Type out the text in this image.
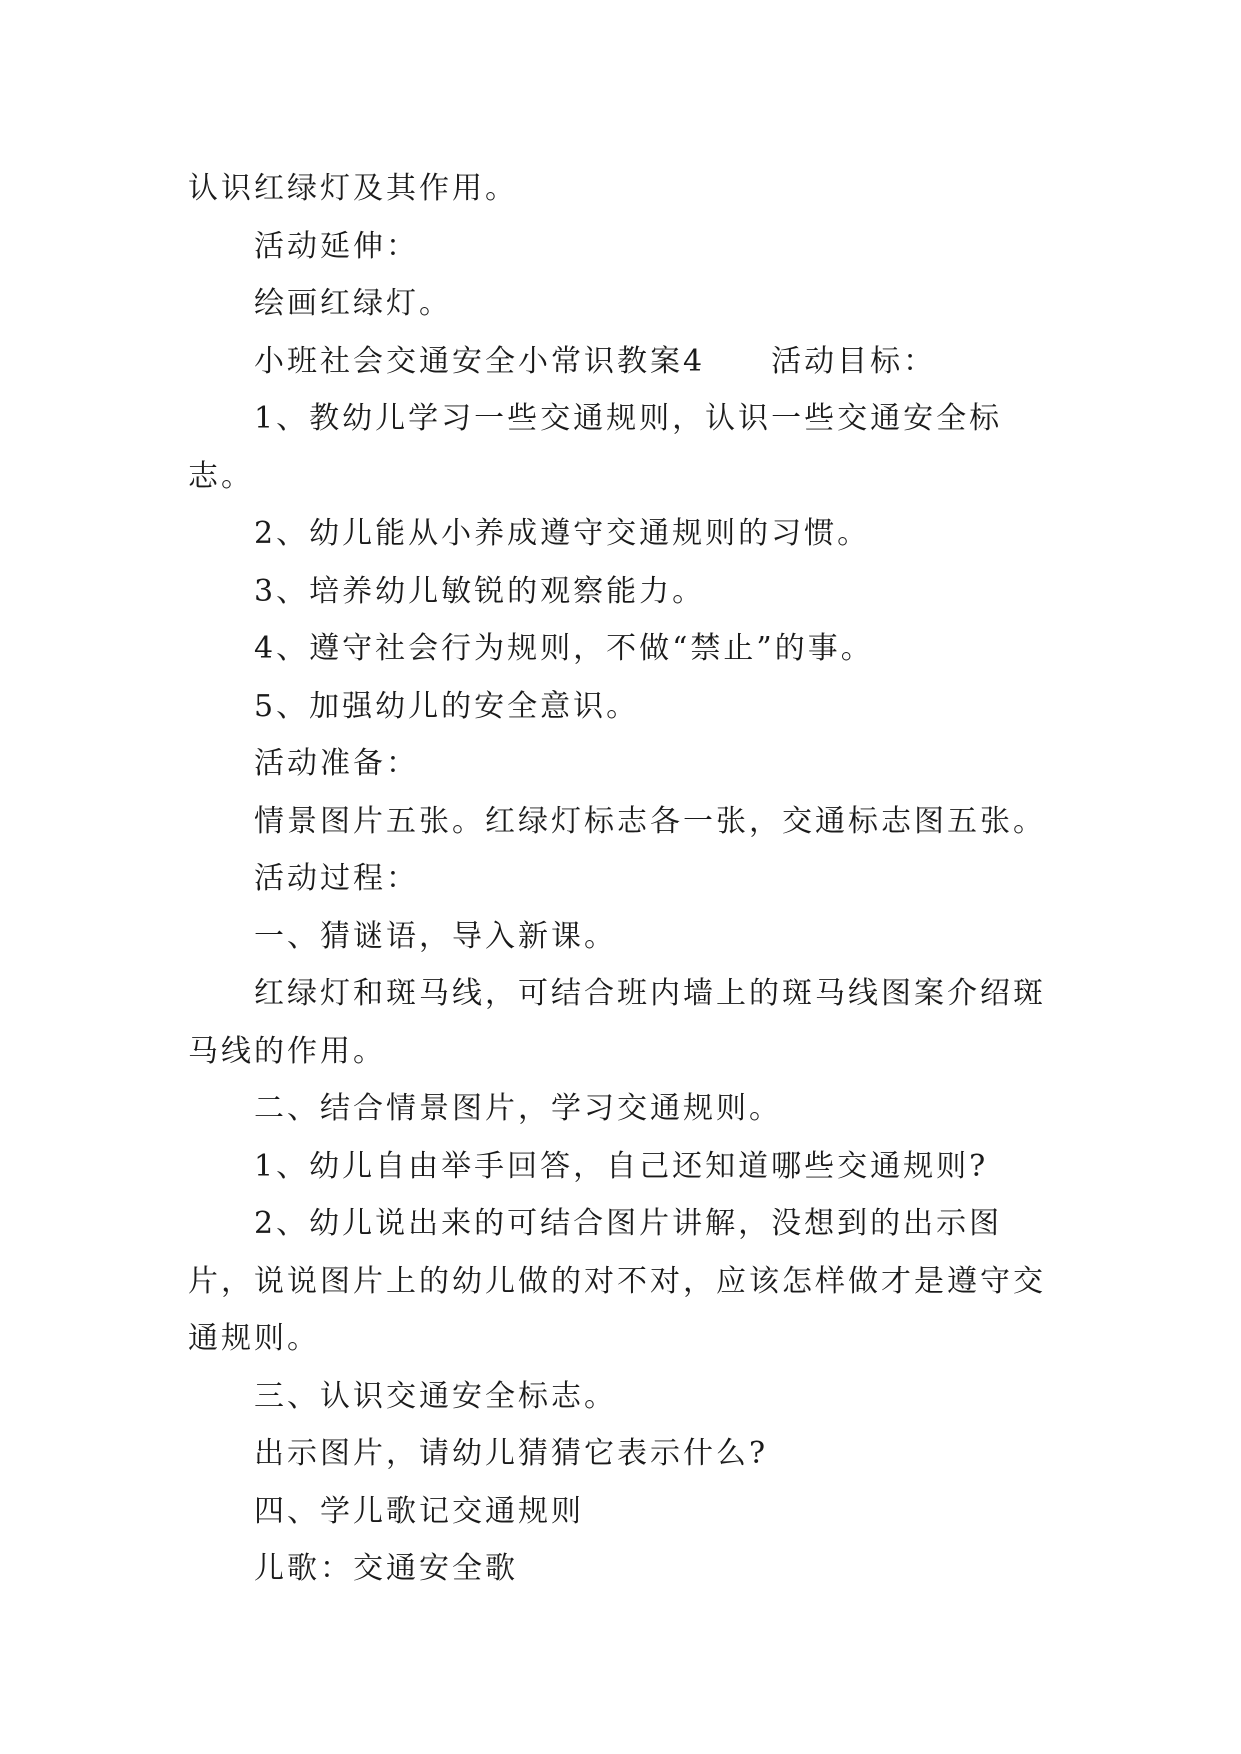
认识红绿灯及其作用。

活动延伸：

绘画红绿灯。

小班社会交通安全小常识教案4　　活动目标：

1、教幼儿学习一些交通规则，认识一些交通安全标志。

2、幼儿能从小养成遵守交通规则的习惯。

3、培养幼儿敏锐的观察能力。

4、遵守社会行为规则，不做“禁止”的事。

5、加强幼儿的安全意识。

活动准备：

情景图片五张。红绿灯标志各一张，交通标志图五张。

活动过程：

一、猜谜语，导入新课。

红绿灯和斑马线，可结合班内墙上的斑马线图案介绍斑马线的作用。

二、结合情景图片，学习交通规则。

1、幼儿自由举手回答，自己还知道哪些交通规则?

2、幼儿说出来的可结合图片讲解，没想到的出示图片，说说图片上的幼儿做的对不对，应该怎样做才是遵守交通规则。

三、认识交通安全标志。

出示图片，请幼儿猜猜它表示什么?

四、学儿歌记交通规则

儿歌：交通安全歌
